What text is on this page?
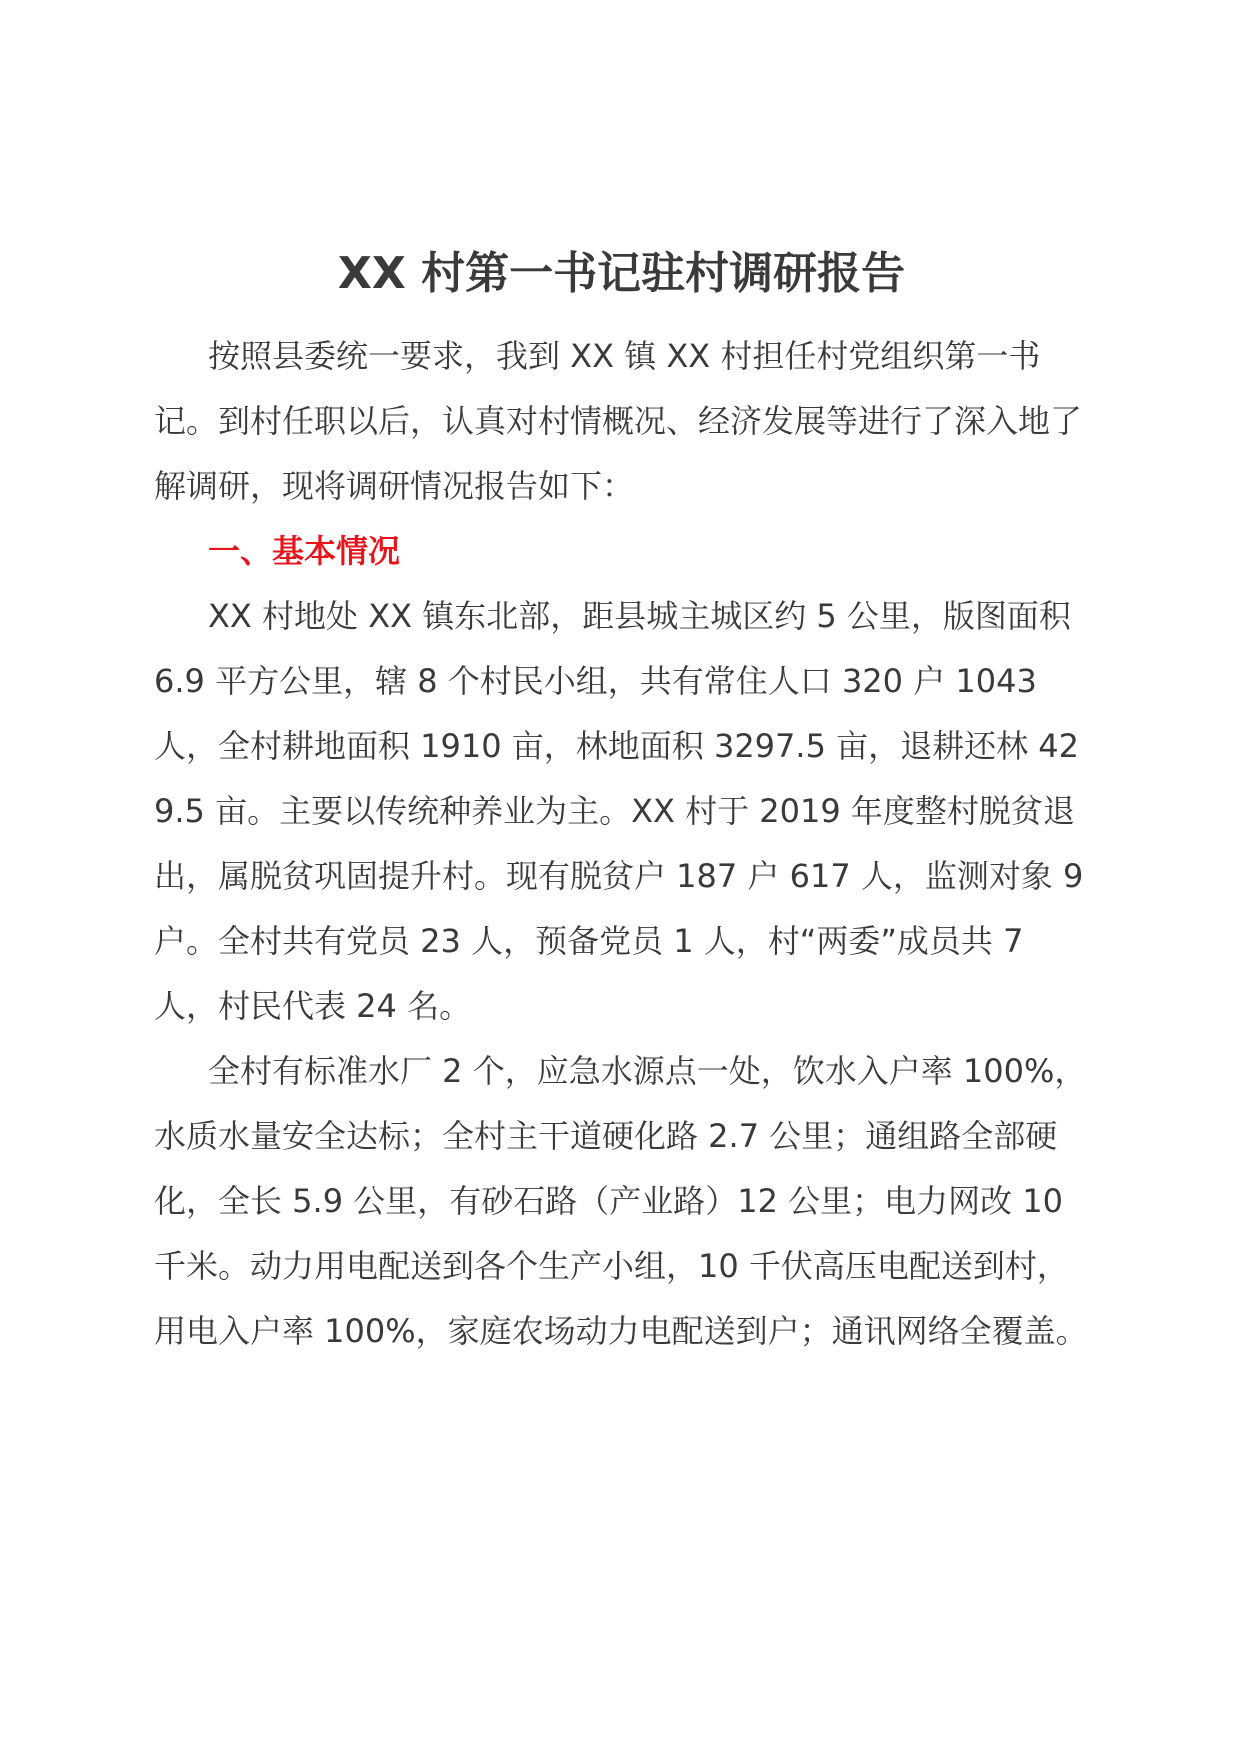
XX 村第一书记驻村调研报告

按照县委统一要求，我到 XX 镇 XX 村担任村党组织第一书记。到村任职以后，认真对村情概况、经济发展等进行了深入地了解调研，现将调研情况报告如下：

一、基本情况

XX 村地处 XX 镇东北部，距县城主城区约 5 公里，版图面积 6.9 平方公里，辖 8 个村民小组，共有常住人口 320 户 1043 人，全村耕地面积 1910 亩，林地面积 3297.5 亩，退耕还林 429.5 亩。主要以传统种养业为主。XX 村于 2019 年度整村脱贫退出，属脱贫巩固提升村。现有脱贫户 187 户 617 人，监测对象 9 户。全村共有党员 23 人，预备党员 1 人，村“两委”成员共 7 人，村民代表 24 名。

全村有标准水厂 2 个，应急水源点一处，饮水入户率 100%，水质水量安全达标；全村主干道硬化路 2.7 公里；通组路全部硬化，全长 5.9 公里，有砂石路（产业路）12 公里；电力网改 10 千米。动力用电配送到各个生产小组，10 千伏高压电配送到村，用电入户率 100%，家庭农场动力电配送到户；通讯网络全覆盖。
